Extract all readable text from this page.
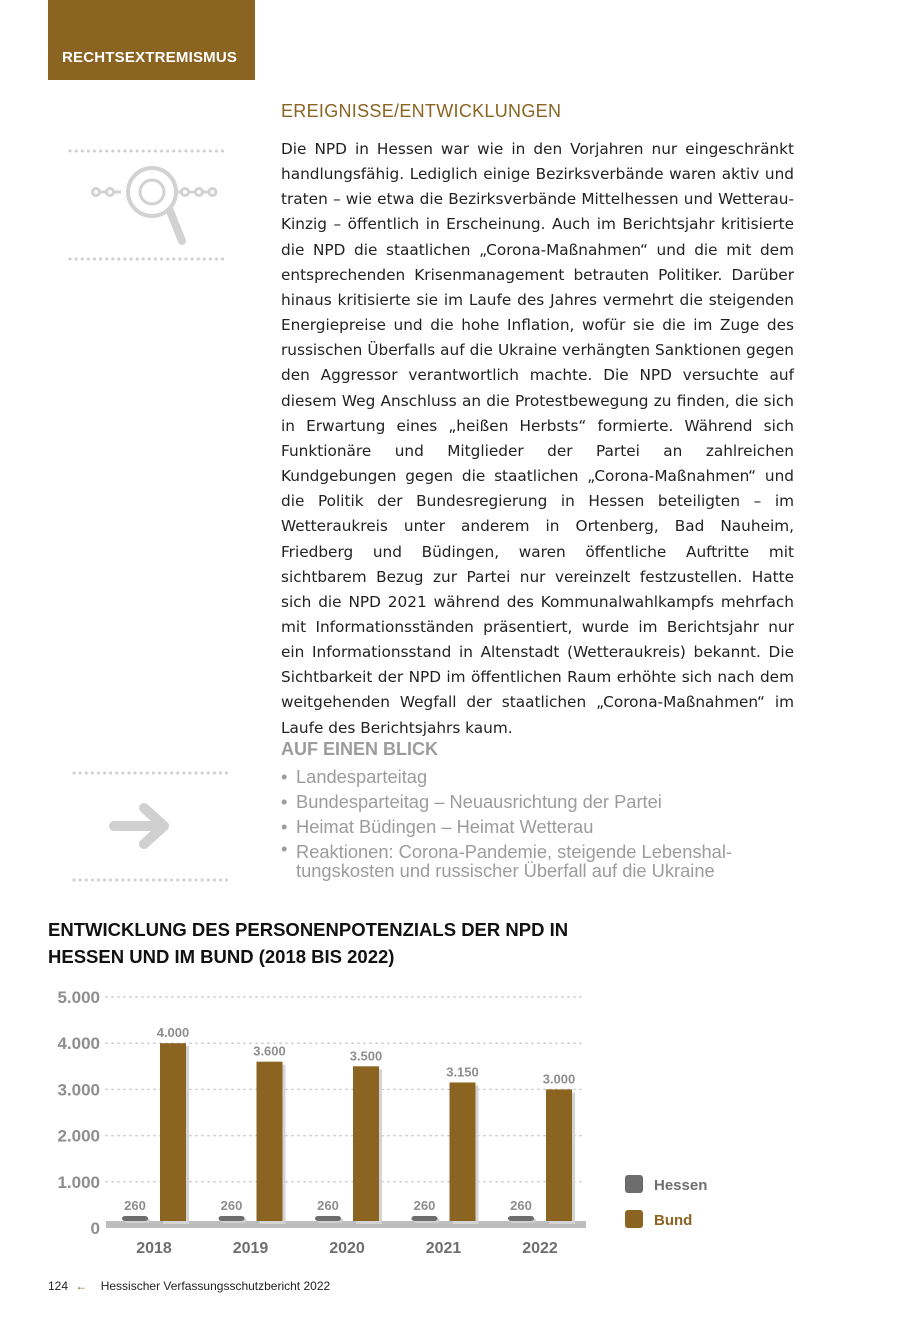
RECHTSEXTREMISMUS
EREIGNISSE/ENTWICKLUNGEN
Die NPD in Hessen war wie in den Vorjahren nur eingeschränkt handlungsfähig. Lediglich einige Bezirksverbände waren aktiv und traten – wie etwa die Bezirksverbände Mittelhessen und Wetterau-Kinzig – öffentlich in Erscheinung. Auch im Berichtsjahr kritisierte die NPD die staatlichen „Corona-Maßnahmen“ und die mit dem entsprechenden Krisenmanagement betrauten Politiker. Darüber hinaus kritisierte sie im Laufe des Jahres vermehrt die steigenden Energiepreise und die hohe Inflation, wofür sie die im Zuge des russischen Überfalls auf die Ukraine verhängten Sanktionen gegen den Aggressor verantwortlich machte. Die NPD versuchte auf diesem Weg Anschluss an die Protestbewegung zu finden, die sich in Erwartung eines „heißen Herbsts“ formierte. Während sich Funktionäre und Mitglieder der Partei an zahlreichen Kundgebungen gegen die staatlichen „Corona-Maßnahmen“ und die Politik der Bundesregierung in Hessen beteiligten – im Wetteraukreis unter anderem in Ortenberg, Bad Nauheim, Friedberg und Büdingen, waren öffentliche Auftritte mit sichtbarem Bezug zur Partei nur vereinzelt festzustellen. Hatte sich die NPD 2021 während des Kommunalwahlkampfs mehrfach mit Informationsständen präsentiert, wurde im Berichtsjahr nur ein Informationsstand in Altenstadt (Wetteraukreis) bekannt. Die Sichtbarkeit der NPD im öffentlichen Raum erhöhte sich nach dem weitgehenden Wegfall der staatlichen „Corona-Maßnahmen“ im Laufe des Berichtsjahrs kaum.
AUF EINEN BLICK
• Landesparteitag
• Bundesparteitag – Neuausrichtung der Partei
• Heimat Büdingen – Heimat Wetterau
• Reaktionen: Corona-Pandemie, steigende Lebenshaltungskosten und russischer Überfall auf die Ukraine
ENTWICKLUNG DES PERSONENPOTENZIALS DER NPD IN
HESSEN UND IM BUND (2018 BIS 2022)
0
1.000
2.000
3.000
4.000
5.000
260
4.000
2018
260
3.600
2019
260
3.500
2020
260
3.150
2021
260
3.000
2022
Hessen
Bund
124 ← Hessischer Verfassungsschutzbericht 2022
